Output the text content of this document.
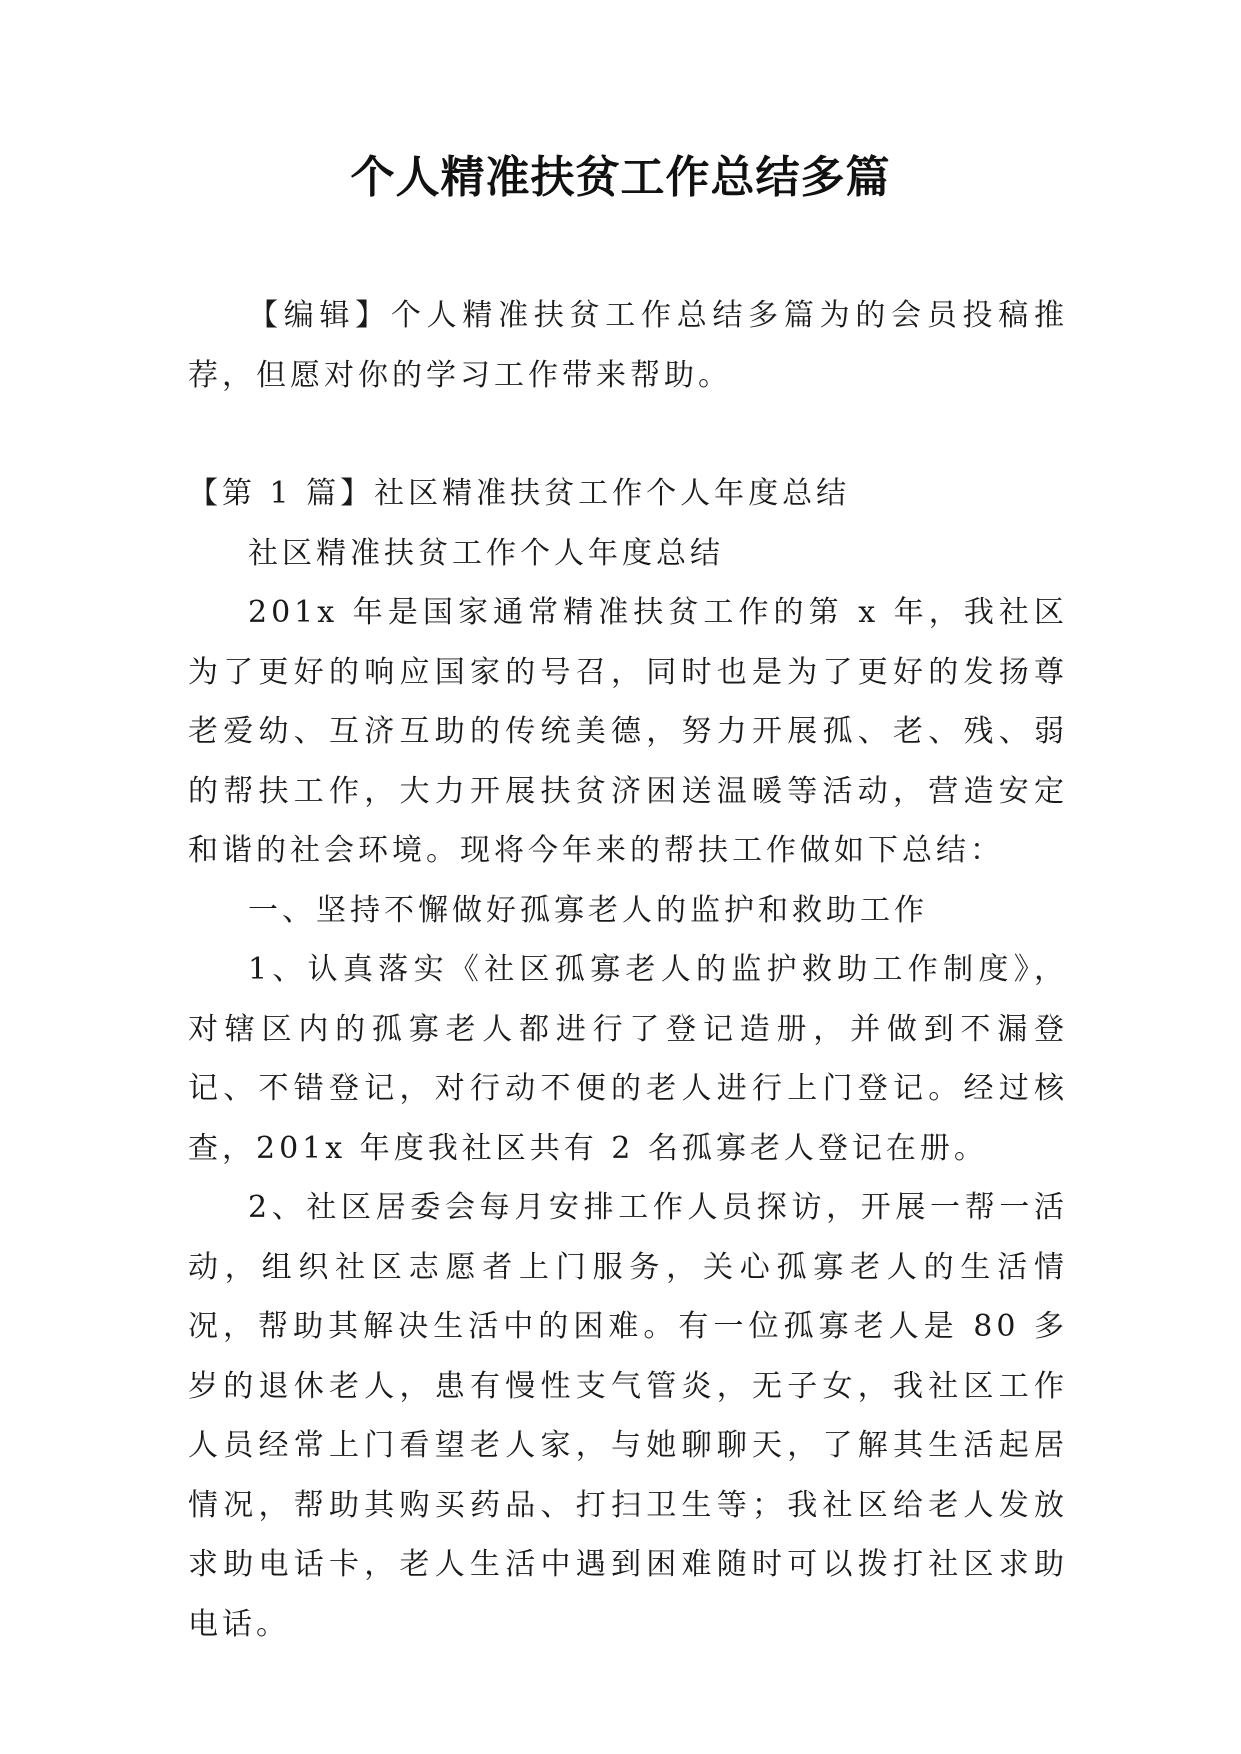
个人精准扶贫工作总结多篇

【编辑】个人精准扶贫工作总结多篇为的会员投稿推荐，但愿对你的学习工作带来帮助。

【第 1 篇】社区精准扶贫工作个人年度总结

社区精准扶贫工作个人年度总结

201x 年是国家通常精准扶贫工作的第 x 年，我社区为了更好的响应国家的号召，同时也是为了更好的发扬尊老爱幼、互济互助的传统美德，努力开展孤、老、残、弱的帮扶工作，大力开展扶贫济困送温暖等活动，营造安定和谐的社会环境。现将今年来的帮扶工作做如下总结：

一、坚持不懈做好孤寡老人的监护和救助工作

1、认真落实《社区孤寡老人的监护救助工作制度》，对辖区内的孤寡老人都进行了登记造册，并做到不漏登记、不错登记，对行动不便的老人进行上门登记。经过核查，201x 年度我社区共有 2 名孤寡老人登记在册。

2、社区居委会每月安排工作人员探访，开展一帮一活动，组织社区志愿者上门服务，关心孤寡老人的生活情况，帮助其解决生活中的困难。有一位孤寡老人是 80 多岁的退休老人，患有慢性支气管炎，无子女，我社区工作人员经常上门看望老人家，与她聊聊天，了解其生活起居情况，帮助其购买药品、打扫卫生等；我社区给老人发放求助电话卡，老人生活中遇到困难随时可以拨打社区求助电话。
